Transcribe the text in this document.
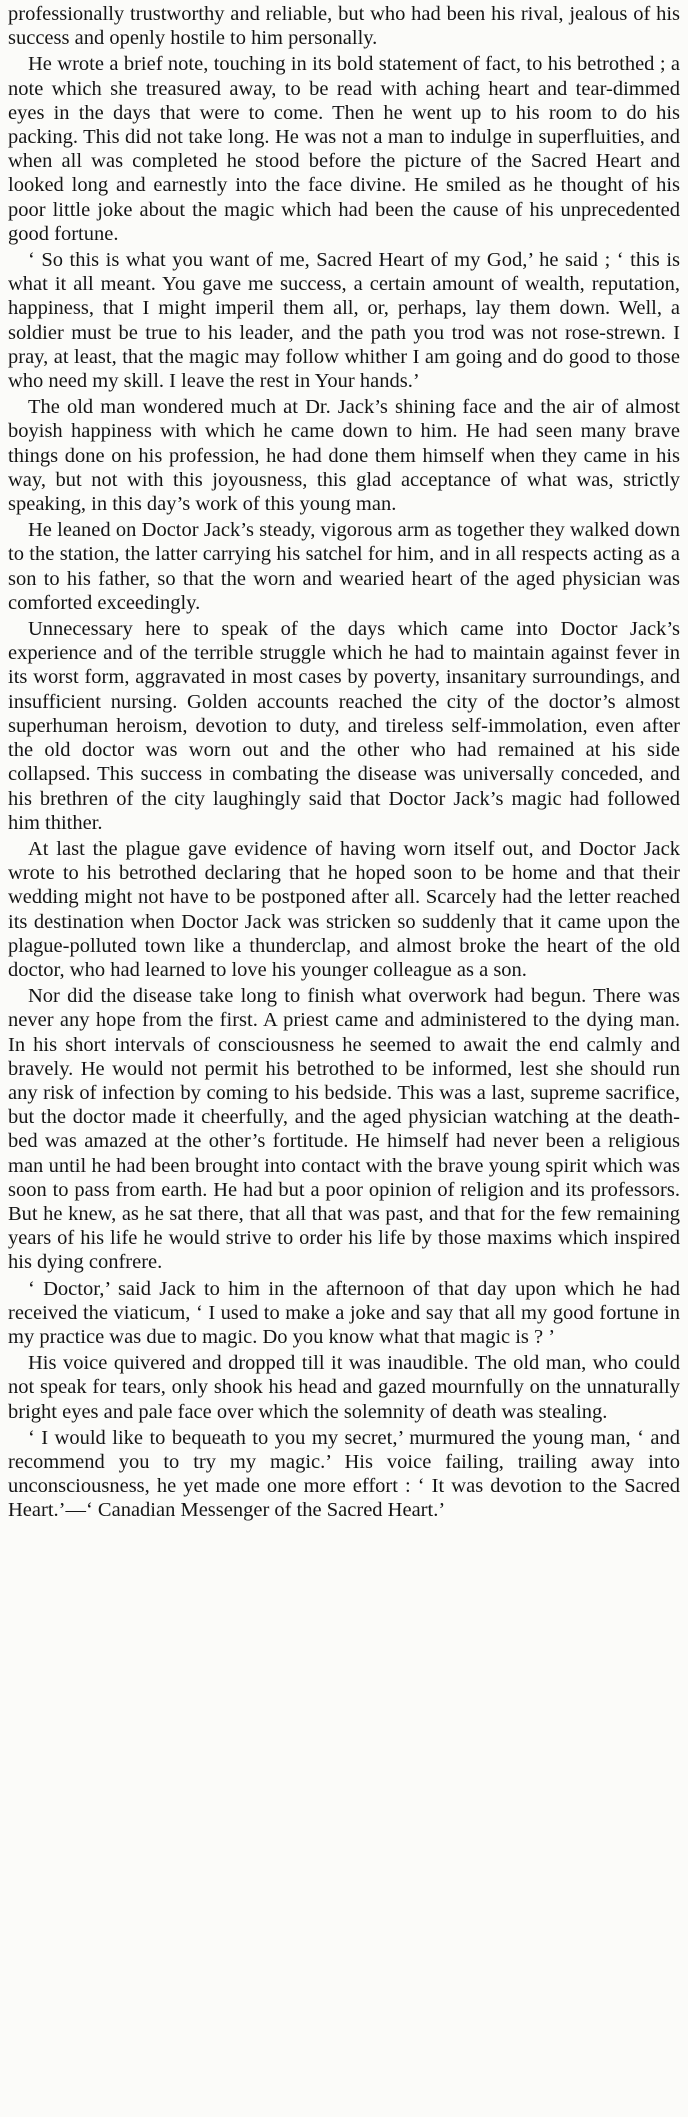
professionally trustworthy and reliable, but who had been his rival, jealous of his success and openly hostile to him personally.

He wrote a brief note, touching in its bold statement of fact, to his betrothed ; a note which she treasured away, to be read with aching heart and tear-dimmed eyes in the days that were to come. Then he went up to his room to do his packing. This did not take long. He was not a man to indulge in superfluities, and when all was completed he stood before the picture of the Sacred Heart and looked long and earnestly into the face divine. He smiled as he thought of his poor little joke about the magic which had been the cause of his unprecedented good fortune.

‘ So this is what you want of me, Sacred Heart of my God,’ he said ; ‘ this is what it all meant. You gave me success, a certain amount of wealth, reputation, happiness, that I might imperil them all, or, perhaps, lay them down. Well, a soldier must be true to his leader, and the path you trod was not rose-strewn. I pray, at least, that the magic may follow whither I am going and do good to those who need my skill. I leave the rest in Your hands.’

The old man wondered much at Dr. Jack’s shining face and the air of almost boyish happiness with which he came down to him. He had seen many brave things done on his profession, he had done them himself when they came in his way, but not with this joyousness, this glad acceptance of what was, strictly speaking, in this day’s work of this young man.

He leaned on Doctor Jack’s steady, vigorous arm as together they walked down to the station, the latter carrying his satchel for him, and in all respects acting as a son to his father, so that the worn and wearied heart of the aged physician was comforted exceedingly.

Unnecessary here to speak of the days which came into Doctor Jack’s experience and of the terrible struggle which he had to maintain against fever in its worst form, aggravated in most cases by poverty, insanitary surroundings, and insufficient nursing. Golden accounts reached the city of the doctor’s almost superhuman heroism, devotion to duty, and tireless self-immolation, even after the old doctor was worn out and the other who had remained at his side collapsed. This success in combating the disease was universally conceded, and his brethren of the city laughingly said that Doctor Jack’s magic had followed him thither.

At last the plague gave evidence of having worn itself out, and Doctor Jack wrote to his betrothed declaring that he hoped soon to be home and that their wedding might not have to be postponed after all. Scarcely had the letter reached its destination when Doctor Jack was stricken so suddenly that it came upon the plague-polluted town like a thunderclap, and almost broke the heart of the old doctor, who had learned to love his younger colleague as a son.

Nor did the disease take long to finish what overwork had begun. There was never any hope from the first. A priest came and administered to the dying man. In his short intervals of consciousness he seemed to await the end calmly and bravely. He would not permit his betrothed to be informed, lest she should run any risk of infection by coming to his bedside. This was a last, supreme sacrifice, but the doctor made it cheerfully, and the aged physician watching at the death-bed was amazed at the other’s fortitude. He himself had never been a religious man until he had been brought into contact with the brave young spirit which was soon to pass from earth. He had but a poor opinion of religion and its professors. But he knew, as he sat there, that all that was past, and that for the few remaining years of his life he would strive to order his life by those maxims which inspired his dying confrere.

‘ Doctor,’ said Jack to him in the afternoon of that day upon which he had received the viaticum, ‘ I used to make a joke and say that all my good fortune in my practice was due to magic. Do you know what that magic is ? ’

His voice quivered and dropped till it was inaudible. The old man, who could not speak for tears, only shook his head and gazed mournfully on the unnaturally bright eyes and pale face over which the solemnity of death was stealing.

‘ I would like to bequeath to you my secret,’ murmured the young man, ‘ and recommend you to try my magic.’ His voice failing, trailing away into unconsciousness, he yet made one more effort : ‘ It was devotion to the Sacred Heart.’—‘ Canadian Messenger of the Sacred Heart.’
